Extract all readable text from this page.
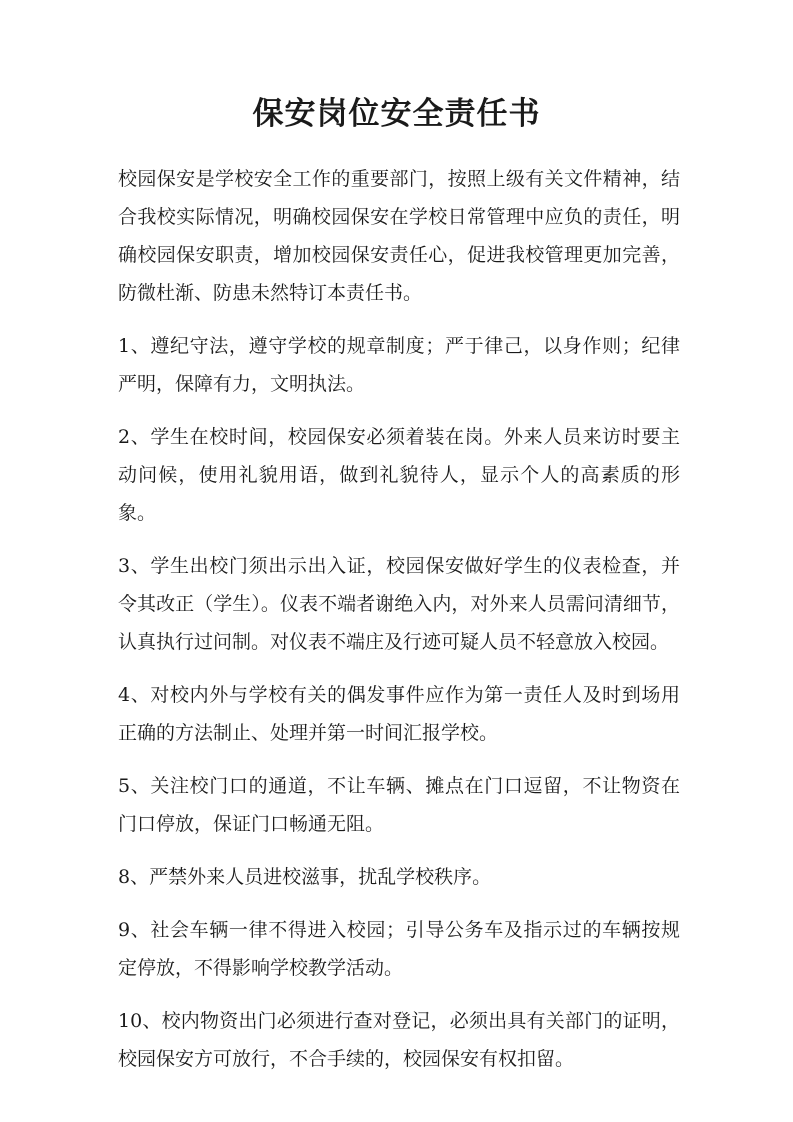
保安岗位安全责任书

校园保安是学校安全工作的重要部门，按照上级有关文件精神，结合我校实际情况，明确校园保安在学校日常管理中应负的责任，明确校园保安职责，增加校园保安责任心，促进我校管理更加完善，防微杜渐、防患未然特订本责任书。

1、遵纪守法，遵守学校的规章制度；严于律己，以身作则；纪律严明，保障有力，文明执法。

2、学生在校时间，校园保安必须着装在岗。外来人员来访时要主动问候，使用礼貌用语，做到礼貌待人，显示个人的高素质的形象。

3、学生出校门须出示出入证，校园保安做好学生的仪表检查，并令其改正（学生）。仪表不端者谢绝入内，对外来人员需问清细节，认真执行过问制。对仪表不端庄及行迹可疑人员不轻意放入校园。

4、对校内外与学校有关的偶发事件应作为第一责任人及时到场用正确的方法制止、处理并第一时间汇报学校。

5、关注校门口的通道，不让车辆、摊点在门口逗留，不让物资在门口停放，保证门口畅通无阻。

8、严禁外来人员进校滋事，扰乱学校秩序。

9、社会车辆一律不得进入校园；引导公务车及指示过的车辆按规定停放，不得影响学校教学活动。

10、校内物资出门必须进行查对登记，必须出具有关部门的证明，校园保安方可放行，不合手续的，校园保安有权扣留。
